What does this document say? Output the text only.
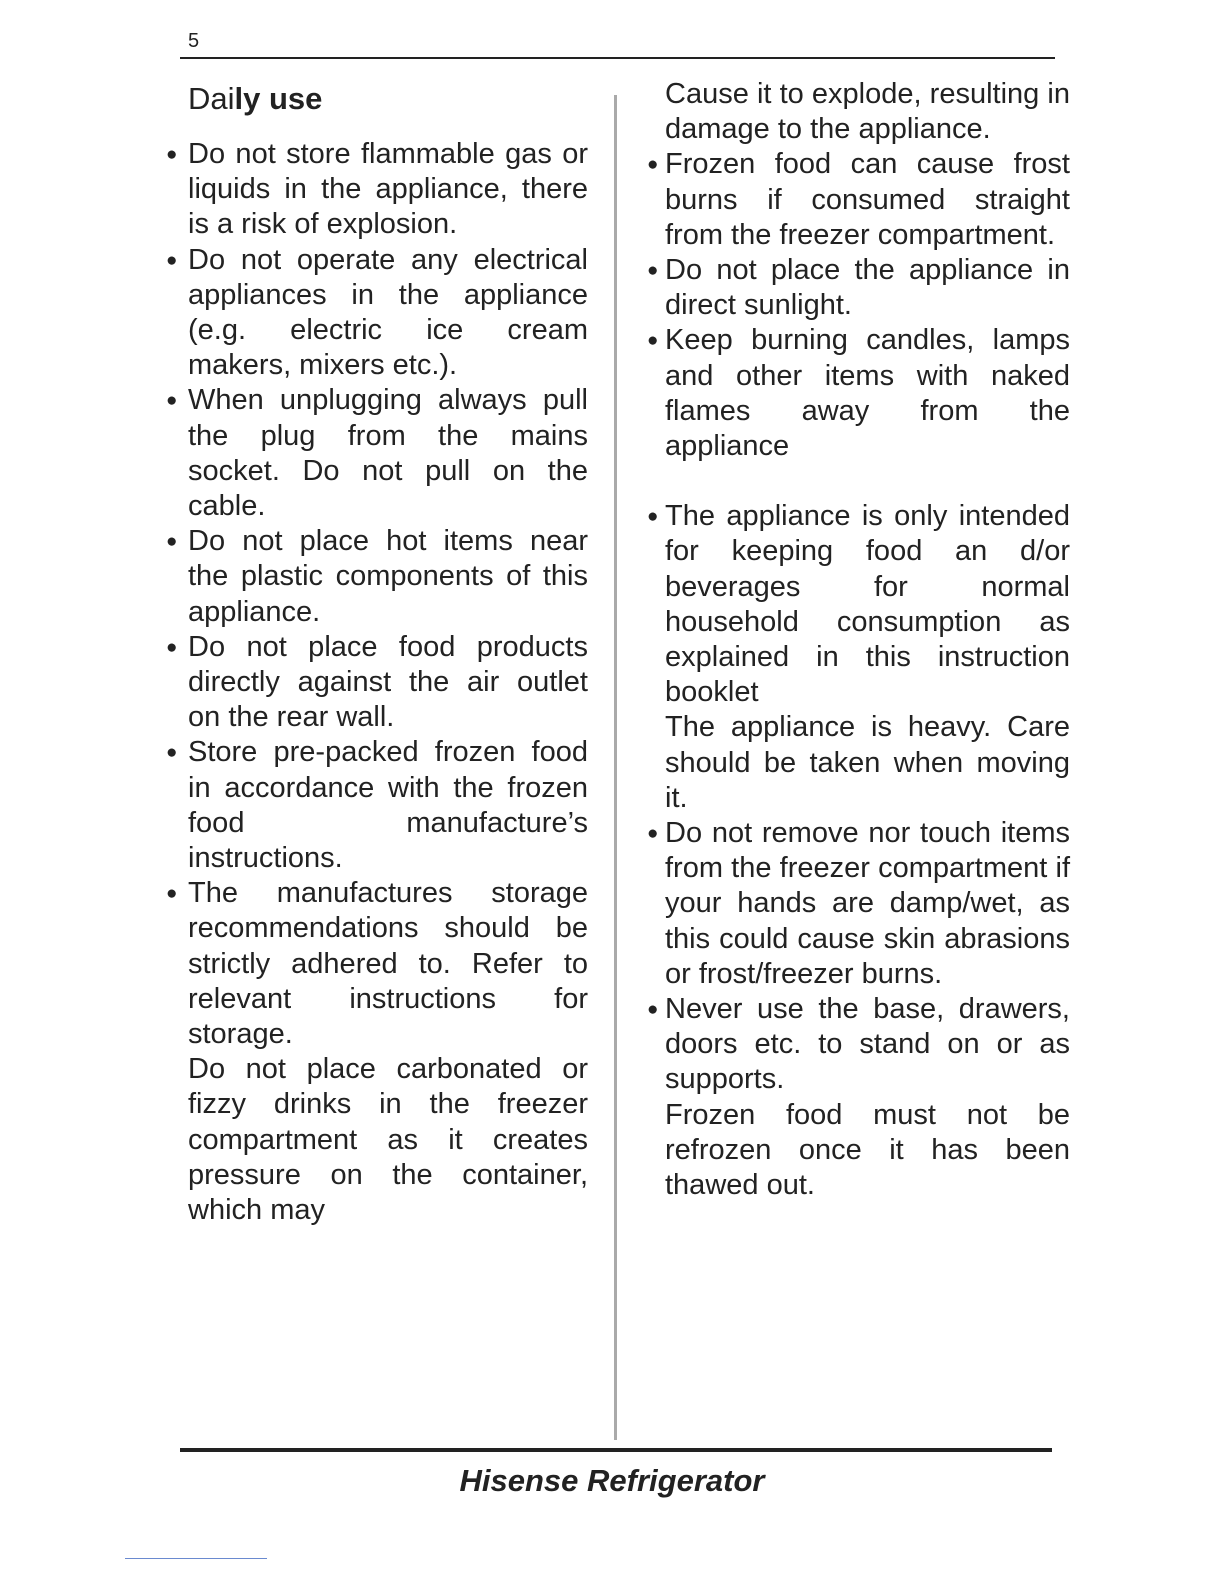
5
Daily use

● Do not store flammable gas or liquids in the appliance, there is a risk of explosion.

● Do not operate any electrical appliances in the appliance (e.g. electric ice cream makers, mixers etc.).

● When unplugging always pull the plug from the mains socket. Do not pull on the cable.

● Do not place hot items near the plastic components of this appliance.

● Do not place food products directly against the air outlet on the rear wall.

● Store pre-packed frozen food in accordance with the frozen food manufacture’s instructions.

● The manufactures storage recommendations should be strictly adhered to. Refer to relevant instructions for storage.

Do not place carbonated or fizzy drinks in the freezer compartment as it creates pressure on the container, which may

Cause it to explode, resulting in damage to the appliance.

● Frozen food can cause frost burns if consumed straight from the freezer compartment.

● Do not place the appliance in direct sunlight.

● Keep burning candles, lamps and other items with naked flames away from the appliance

● The appliance is only intended for keeping food an d/or beverages for normal household consumption as explained in this instruction booklet

The appliance is heavy. Care should be taken when moving it.

● Do not remove nor touch items from the freezer compartment if your hands are damp/wet, as this could cause skin abrasions or frost/freezer burns.

● Never use the base, drawers, doors etc. to stand on or as supports.

Frozen food must not be refrozen once it has been thawed out.

Hisense Refrigerator
